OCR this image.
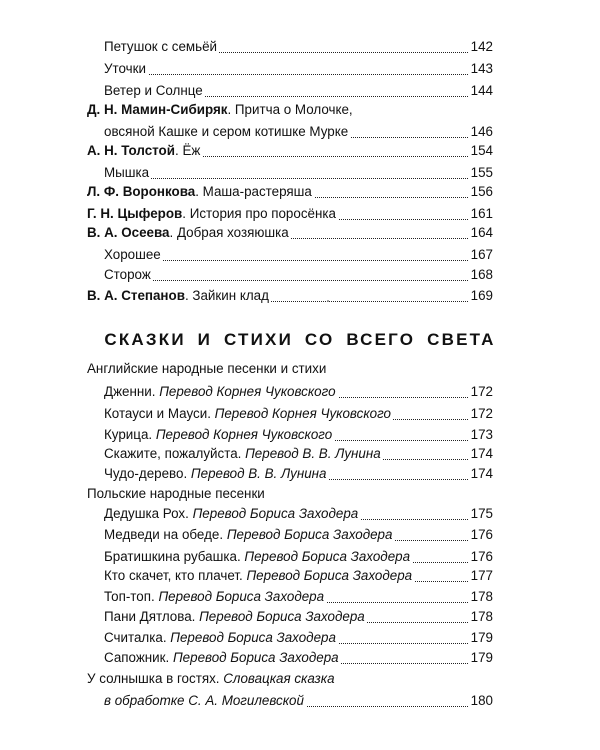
Петушок с семьёй	142
Уточки	143
Ветер и Солнце	144
Д. Н. Мамин-Сибиряк. Притча о Молочке,
овсяной Кашке и сером котишке Мурке	146
А. Н. Толстой. Ёж	154
Мышка	155
Л. Ф. Воронкова. Маша-растеряша	156
Г. Н. Цыферов. История про поросёнка	161
В. А. Осеева. Добрая хозяюшка	164
Хорошее	167
Сторож	168
В. А. Степанов. Зайкин клад	169
Английские народные песенки и стихи
Дженни. Перевод Корнея Чуковского	172
Котауси и Мауси. Перевод Корнея Чуковского	172
Курица. Перевод Корнея Чуковского	173
Скажите, пожалуйста. Перевод В. В. Лунина	174
Чудо-дерево. Перевод В. В. Лунина	174
Польские народные песенки
Дедушка Рох. Перевод Бориса Заходера	175
Медведи на обеде. Перевод Бориса Заходера	176
Братишкина рубашка. Перевод Бориса Заходера	176
Кто скачет, кто плачет. Перевод Бориса Заходера	177
Топ-топ. Перевод Бориса Заходера	178
Пани Дятлова. Перевод Бориса Заходера	178
Считалка. Перевод Бориса Заходера	179
Сапожник. Перевод Бориса Заходера	179
У солнышка в гостях. Словацкая сказка
в обработке С. А. Могилевской	180
СКАЗКИ И СТИХИ СО ВСЕГО СВЕТА
